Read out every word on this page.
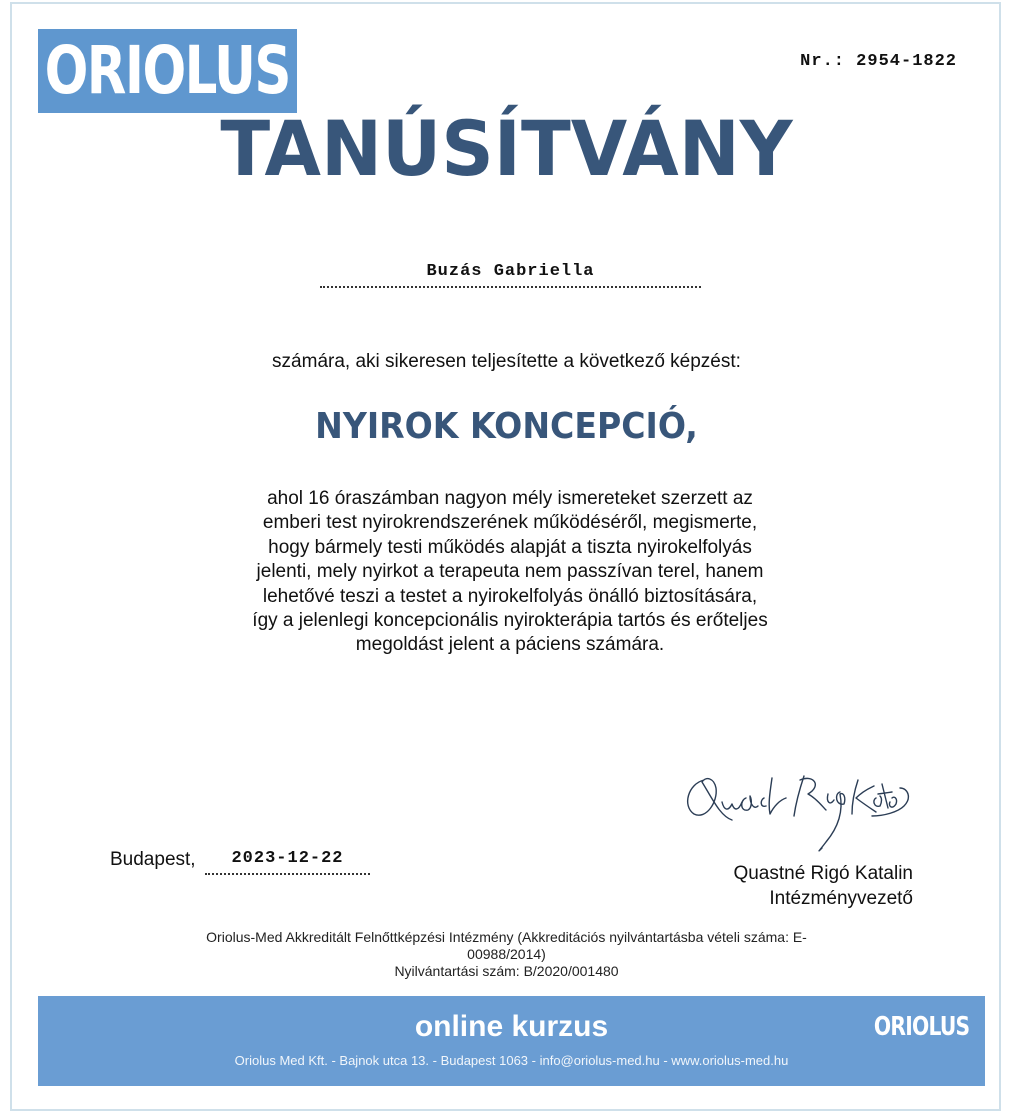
ORIOLUS	Nr.: 2954-1822
TANÚSÍTVÁNY
Buzás Gabriella
számára, aki sikeresen teljesítette a következő képzést:
NYIROK KONCEPCIÓ,
ahol 16 óraszámban nagyon mély ismereteket szerzett az emberi test nyirokrendszerének működéséről, megismerte, hogy bármely testi működés alapját a tiszta nyirokelfolyás jelenti, mely nyirkot a terapeuta nem passzívan terel, hanem lehetővé teszi a testet a nyirokelfolyás önálló biztosítására, így a jelenlegi koncepcionális nyirokterápia tartós és erőteljes megoldást jelent a páciens számára.
Budapest,	2023-12-22
Quastné Rigó Katalin
Intézményvezető
Oriolus-Med Akkreditált Felnőttképzési Intézmény (Akkreditációs nyilvántartásba vételi száma: E-00988/2014)
Nyilvántartási szám: B/2020/001480
online kurzus
Oriolus Med Kft. - Bajnok utca 13. - Budapest 1063 - info@oriolus-med.hu - www.oriolus-med.hu
ORIOLUS
